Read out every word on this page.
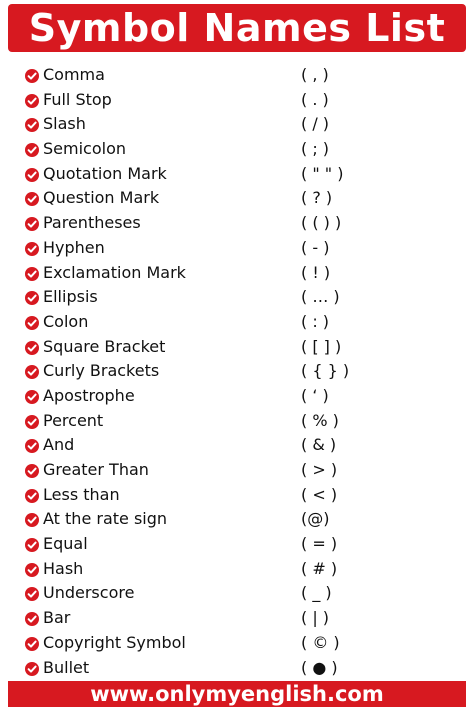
Symbol Names List
Comma	( , )
Full Stop	( . )
Slash	( / )
Semicolon	( ; )
Quotation Mark	( " " )
Question Mark	( ? )
Parentheses	( ( ) )
Hyphen	( - )
Exclamation Mark	( ! )
Ellipsis	( … )
Colon	( : )
Square Bracket	( [ ] )
Curly Brackets	( { } )
Apostrophe	( ‘ )
Percent	( % )
And	( & )
Greater Than	( > )
Less than	( < )
At the rate sign	(@)
Equal	( = )
Hash	( # )
Underscore	( _ )
Bar	( | )
Copyright Symbol	( © )
Bullet	( ● )
www.onlymyenglish.com
